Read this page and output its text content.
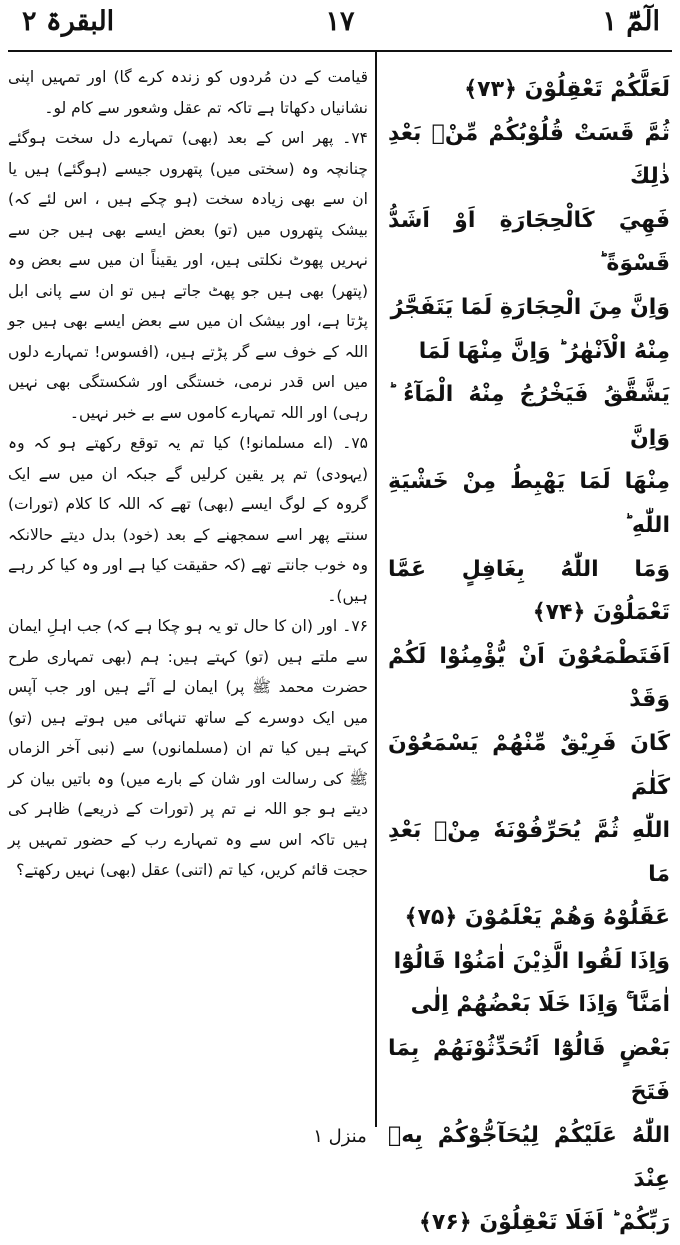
البقرۃ ۲	۱۷	الٓمّٓ ۱

قیامت کے دن مُردوں کو زندہ کرے گا) اور تمہیں اپنی نشانیاں دکھاتا ہے تاکہ تم عقل وشعور سے کام لو۔

۷۴۔ پھر اس کے بعد (بھی) تمہارے دل سخت ہوگئے چنانچہ وہ (سختی میں) پتھروں جیسے (ہوگئے) ہیں یا ان سے بھی زیادہ سخت (ہو چکے ہیں ، اس لئے کہ) بیشک پتھروں میں (تو) بعض ایسے بھی ہیں جن سے نہریں پھوٹ نکلتی ہیں، اور یقیناً ان میں سے بعض وہ (پتھر) بھی ہیں جو پھٹ جاتے ہیں تو ان سے پانی ابل پڑتا ہے، اور بیشک ان میں سے بعض ایسے بھی ہیں جو اللہ کے خوف سے گر پڑتے ہیں، (افسوس! تمہارے دلوں میں اس قدر نرمی، خستگی اور شکستگی بھی نہیں رہی) اور اللہ تمہارے کاموں سے بے خبر نہیں۔

۷۵۔ (اے مسلمانو!) کیا تم یہ توقع رکھتے ہو کہ وہ (یہودی) تم پر یقین کرلیں گے جبکہ ان میں سے ایک گروہ کے لوگ ایسے (بھی) تھے کہ اللہ کا کلام (تورات) سنتے پھر اسے سمجھنے کے بعد (خود) بدل دیتے حالانکہ وہ خوب جانتے تھے (کہ حقیقت کیا ہے اور وہ کیا کر رہے ہیں)۔

۷۶۔ اور (ان کا حال تو یہ ہو چکا ہے کہ) جب اہلِ ایمان سے ملتے ہیں (تو) کہتے ہیں: ہم (بھی تمہاری طرح حضرت محمد ﷺ پر) ایمان لے آئے ہیں اور جب آپس میں ایک دوسرے کے ساتھ تنہائی میں ہوتے ہیں (تو) کہتے ہیں کیا تم ان (مسلمانوں) سے (نبی آخر الزماں ﷺ کی رسالت اور شان کے بارے میں) وہ باتیں بیان کر دیتے ہو جو اللہ نے تم پر (تورات کے ذریعے) ظاہر کی ہیں تاکہ اس سے وہ تمہارے رب کے حضور تمہیں پر حجت قائم کریں، کیا تم (اتنی) عقل (بھی) نہیں رکھتے؟

لَعَلَّكُمْ تَعْقِلُوْنَ ﴿۷۳﴾
ثُمَّ قَسَتْ قُلُوْبُكُمْ مِّنْۢ بَعْدِ ذٰلِكَ
فَهِيَ كَالْحِجَارَةِ اَوْ اَشَدُّ قَسْوَةً ؕ
وَاِنَّ مِنَ الْحِجَارَةِ لَمَا يَتَفَجَّرُ
مِنْهُ الْاَنْهٰرُ ؕ وَاِنَّ مِنْهَا لَمَا
يَشَّقَّقُ فَيَخْرُجُ مِنْهُ الْمَآءُ ؕ وَاِنَّ
مِنْهَا لَمَا يَهْبِطُ مِنْ خَشْيَةِ اللّٰهِ ؕ
وَمَا اللّٰهُ بِغَافِلٍ عَمَّا تَعْمَلُوْنَ ﴿۷۴﴾
اَفَتَطْمَعُوْنَ اَنْ يُّؤْمِنُوْا لَكُمْ وَقَدْ
كَانَ فَرِيْقٌ مِّنْهُمْ يَسْمَعُوْنَ كَلٰمَ
اللّٰهِ ثُمَّ يُحَرِّفُوْنَهٗ مِنْۢ بَعْدِ مَا
عَقَلُوْهُ وَهُمْ يَعْلَمُوْنَ ﴿۷۵﴾
وَاِذَا لَقُوا الَّذِيْنَ اٰمَنُوْا قَالُوْٓا
اٰمَنَّا ۚ وَاِذَا خَلَا بَعْضُهُمْ اِلٰى
بَعْضٍ قَالُوْٓا اَتُحَدِّثُوْنَهُمْ بِمَا فَتَحَ
اللّٰهُ عَلَيْكُمْ لِيُحَآجُّوْكُمْ بِهٖ عِنْدَ
رَبِّكُمْ ؕ اَفَلَا تَعْقِلُوْنَ ﴿۷۶﴾
منزل ۱
